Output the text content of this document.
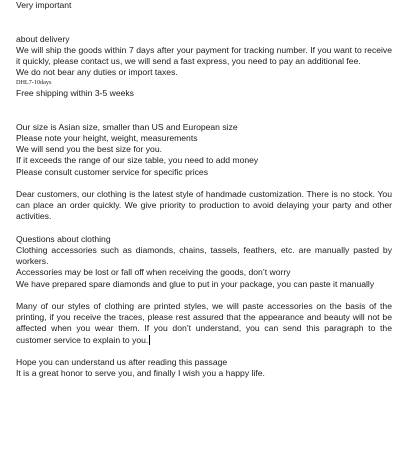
Very important
about delivery
We will ship the goods within 7 days after your payment for tracking number. If you want to receive it quickly, please contact us, we will send a fast express, you need to pay an additional fee.
We do not bear any duties or import taxes.
DHL7-10days
Free shipping within 3-5 weeks
Our size is Asian size, smaller than US and European size
Please note your height, weight, measurements
We will send you the best size for you.
If it exceeds the range of our size table, you need to add money
Please consult customer service for specific prices
Dear customers, our clothing is the latest style of handmade customization. There is no stock. You can place an order quickly. We give priority to production to avoid delaying your party and other activities.
Questions about clothing
Clothing accessories such as diamonds, chains, tassels, feathers, etc. are manually pasted by workers.
Accessories may be lost or fall off when receiving the goods, don’t worry
We have prepared spare diamonds and glue to put in your package, you can paste it manually
Many of our styles of clothing are printed styles, we will paste accessories on the basis of the printing, if you receive the traces, please rest assured that the appearance and beauty will not be affected when you wear them. If you don’t understand, you can send this paragraph to the customer service to explain to you.
Hope you can understand us after reading this passage
It is a great honor to serve you, and finally I wish you a happy life.
